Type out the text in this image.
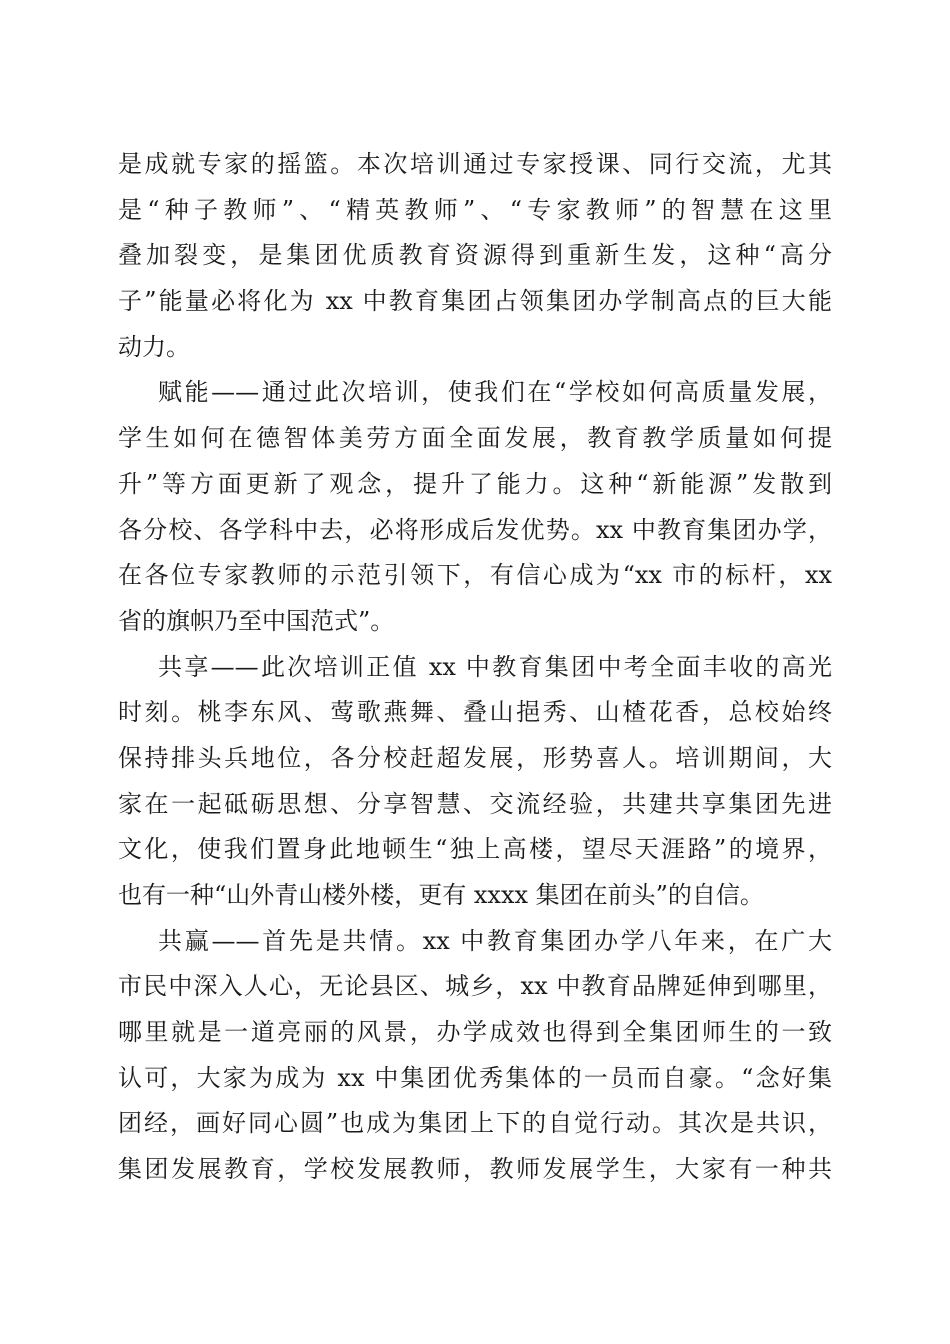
是成就专家的摇篮。本次培训通过专家授课、同行交流，尤其
是“种子教师”、“精英教师”、“专家教师”的智慧在这里
叠加裂变，是集团优质教育资源得到重新生发，这种“高分
子”能量必将化为 xx 中教育集团占领集团办学制高点的巨大能
动力。
赋能——通过此次培训，使我们在“学校如何高质量发展，
学生如何在德智体美劳方面全面发展，教育教学质量如何提
升”等方面更新了观念，提升了能力。这种“新能源”发散到
各分校、各学科中去，必将形成后发优势。xx 中教育集团办学，
在各位专家教师的示范引领下，有信心成为“xx 市的标杆，xx
省的旗帜乃至中国范式”。
共享——此次培训正值 xx 中教育集团中考全面丰收的高光
时刻。桃李东风、莺歌燕舞、叠山挹秀、山楂花香，总校始终
保持排头兵地位，各分校赶超发展，形势喜人。培训期间，大
家在一起砥砺思想、分享智慧、交流经验，共建共享集团先进
文化，使我们置身此地顿生“独上高楼，望尽天涯路”的境界，
也有一种“山外青山楼外楼，更有 xxxx 集团在前头”的自信。
共赢——首先是共情。xx 中教育集团办学八年来，在广大
市民中深入人心，无论县区、城乡，xx 中教育品牌延伸到哪里，
哪里就是一道亮丽的风景，办学成效也得到全集团师生的一致
认可，大家为成为 xx 中集团优秀集体的一员而自豪。“念好集
团经，画好同心圆”也成为集团上下的自觉行动。其次是共识，
集团发展教育，学校发展教师，教师发展学生，大家有一种共
